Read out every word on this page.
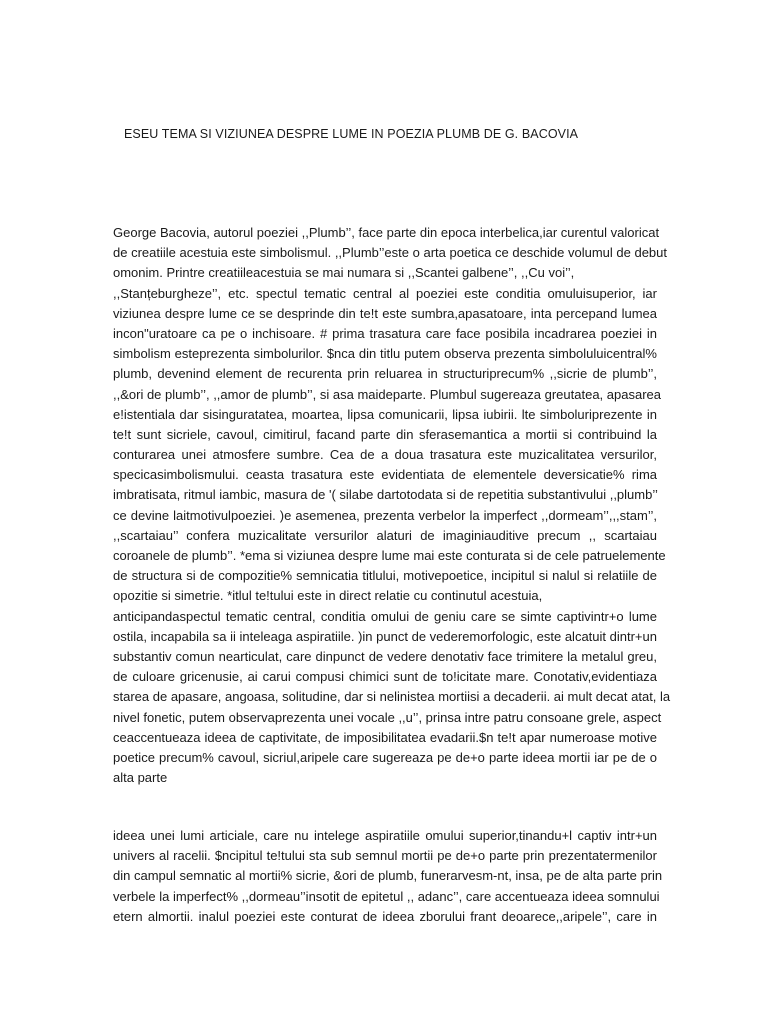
ESEU TEMA SI VIZIUNEA DESPRE LUME IN POEZIA PLUMB DE G. BACOVIA
George Bacovia, autorul poeziei ,,Plumb’’, face parte din epoca interbelica,iar curentul valoricat
de creatiile acestuia este simbolismul. ,,Plumb’’este o arta poetica ce deschide volumul de debut
omonim. Printre creatiileacestuia se mai numara si ,,Scantei galbene’’, ,,Cu voi’’,
,,Stanțeburgheze’’, etc. spectul tematic central al poeziei este conditia omuluisuperior, iar
viziunea despre lume ce se desprinde din te!t este sumbra,apasatoare, inta percepand lumea
incon"uratoare ca pe o inchisoare. # prima trasatura care face posibila incadrarea poeziei in
simbolism esteprezenta simbolurilor. $nca din titlu putem observa prezenta simboluluicentral%
plumb, devenind element de recurenta prin reluarea in structuriprecum% ,,sicrie de plumb’’,
,,&ori de plumb’’, ,,amor de plumb’’, si asa maideparte. Plumbul sugereaza greutatea, apasarea
e!istentiala dar sisinguratatea, moartea, lipsa comunicarii, lipsa iubirii. lte simboluriprezente in
te!t sunt sicriele, cavoul, cimitirul, facand parte din sferasemantica a mortii si contribuind la
conturarea unei atmosfere sumbre. Cea de a doua trasatura este muzicalitatea versurilor,
specicasimbolismului. ceasta trasatura este evidentiata de elementele deversicatie% rima
imbratisata, ritmul iambic, masura de '( silabe dartotodata si de repetitia substantivului ,,plumb’’
ce devine laitmotivulpoeziei. )e asemenea, prezenta verbelor la imperfect ,,dormeam’’,,,stam’’,
,,scartaiau’’ confera muzicalitate versurilor alaturi de imaginiauditive precum ,, scartaiau
coroanele de plumb’’. *ema si viziunea despre lume mai este conturata si de cele patruelemente
de structura si de compozitie% semnicatia titlului, motivepoetice, incipitul si nalul si relatiile de
opozitie si simetrie. *itlul te!tului este in direct relatie cu continutul acestuia,
anticipandaspectul tematic central, conditia omului de geniu care se simte captivintr+o lume
ostila, incapabila sa ii inteleaga aspiratiile. )in punct de vederemorfologic, este alcatuit dintr+un
substantiv comun nearticulat, care dinpunct de vedere denotativ face trimitere la metalul greu,
de culoare gricenusie, ai carui compusi chimici sunt de to!icitate mare. Conotativ,evidentiaza
starea de apasare, angoasa, solitudine, dar si nelinistea mortiisi a decaderii. ai mult decat atat, la
nivel fonetic, putem observaprezenta unei vocale ,,u’’, prinsa intre patru consoane grele, aspect
ceaccentueaza ideea de captivitate, de imposibilitatea evadarii.$n te!t apar numeroase motive
poetice precum% cavoul, sicriul,aripele care sugereaza pe de+o parte ideea mortii iar pe de o
alta parte
ideea unei lumi articiale, care nu intelege aspiratiile omului superior,tinandu+l captiv intr+un
univers al racelii. $ncipitul te!tului sta sub semnul mortii pe de+o parte prin prezentatermenilor
din campul semnatic al mortii% sicrie, &ori de plumb, funerarvesm-nt, insa, pe de alta parte prin
verbele la imperfect% ,,dormeau’’insotit de epitetul ,, adanc’’, care accentueaza ideea somnului
etern almortii. inalul poeziei este conturat de ideea zborului frant deoarece,,aripele’’, care in
